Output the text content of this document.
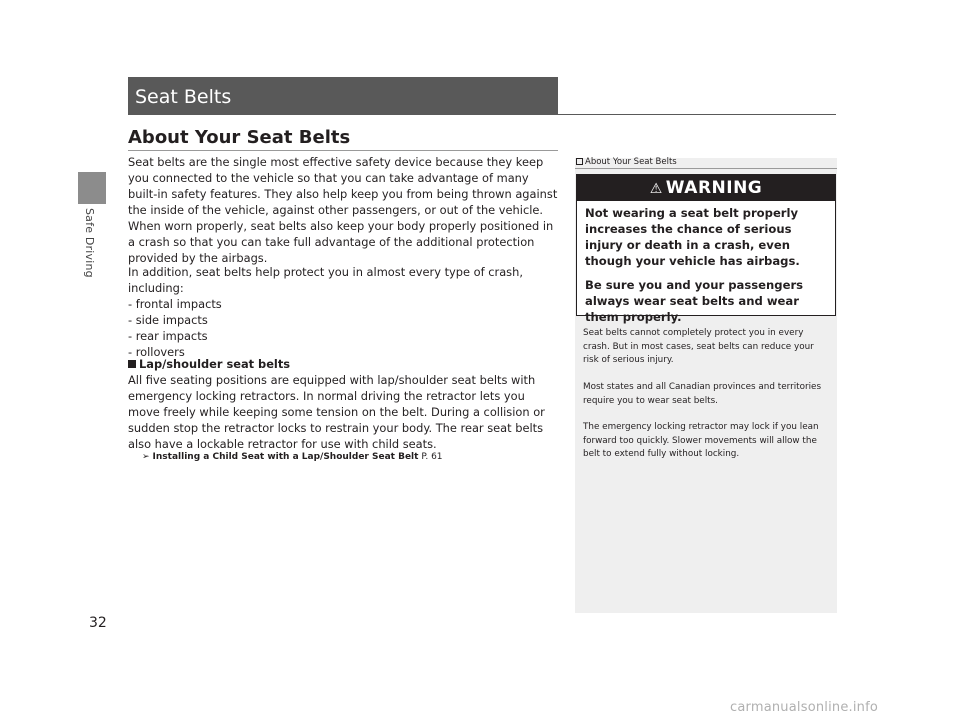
Safe Driving
Seat Belts
About Your Seat Belts
Seat belts are the single most effective safety device because they keep you connected to the vehicle so that you can take advantage of many built-in safety features. They also help keep you from being thrown against the inside of the vehicle, against other passengers, or out of the vehicle. When worn properly, seat belts also keep your body properly positioned in a crash so that you can take full advantage of the additional protection provided by the airbags.
In addition, seat belts help protect you in almost every type of crash, including:
- frontal impacts
- side impacts
- rear impacts
- rollovers
Lap/shoulder seat belts
All five seating positions are equipped with lap/shoulder seat belts with emergency locking retractors. In normal driving the retractor lets you move freely while keeping some tension on the belt. During a collision or sudden stop the retractor locks to restrain your body. The rear seat belts also have a lockable retractor for use with child seats.
➢ Installing a Child Seat with a Lap/Shoulder Seat Belt P. 61
About Your Seat Belts
⚠ WARNING

Not wearing a seat belt properly increases the chance of serious injury or death in a crash, even though your vehicle has airbags.

Be sure you and your passengers always wear seat belts and wear them properly.

Seat belts cannot completely protect you in every crash. But in most cases, seat belts can reduce your risk of serious injury.
Most states and all Canadian provinces and territories require you to wear seat belts.
The emergency locking retractor may lock if you lean forward too quickly. Slower movements will allow the belt to extend fully without locking.
32
carmanualsonline.info
